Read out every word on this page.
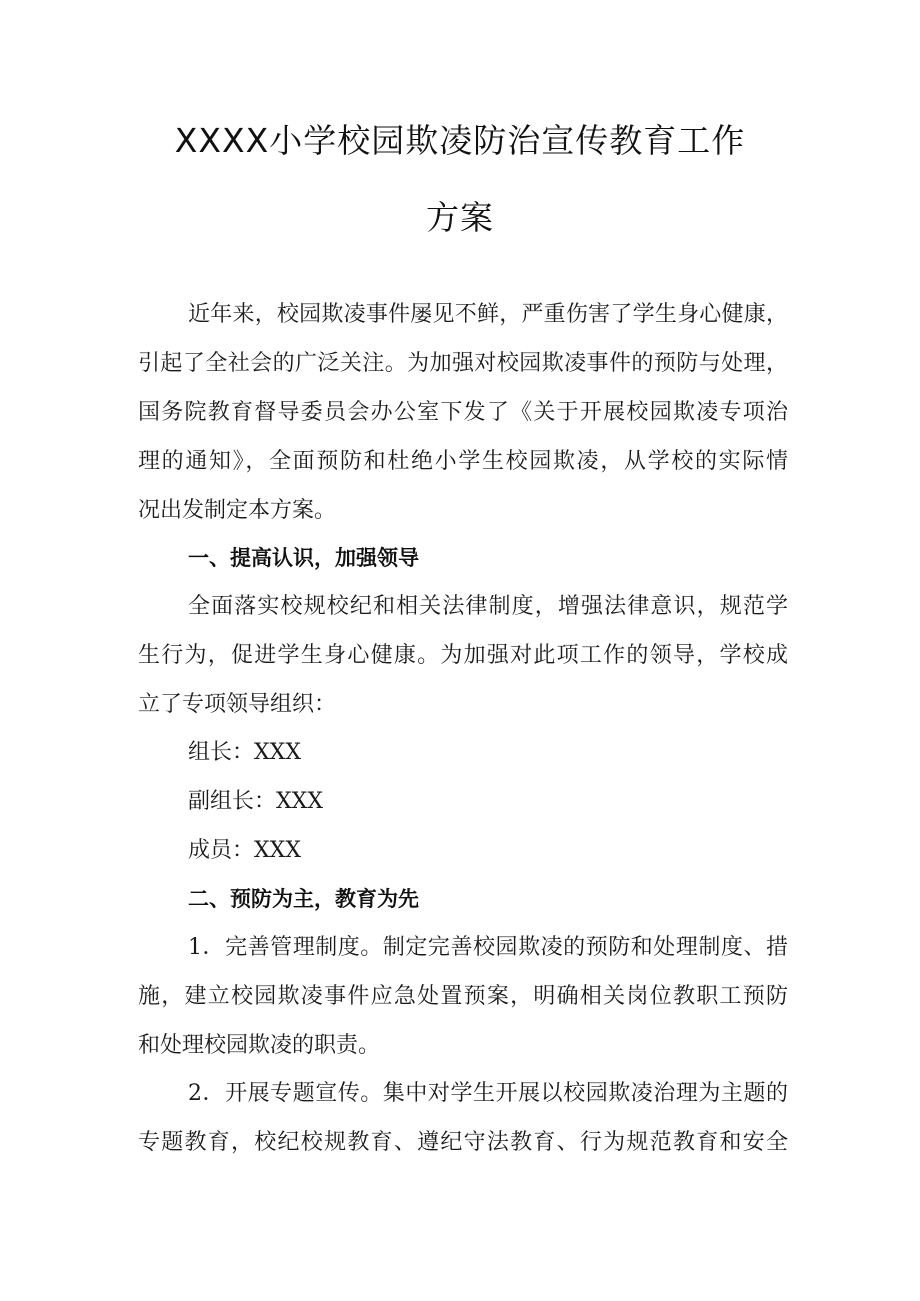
XXXX小学校园欺凌防治宣传教育工作
方案
近年来，校园欺凌事件屡见不鲜，严重伤害了学生身心健康，
引起了全社会的广泛关注。为加强对校园欺凌事件的预防与处理，
国务院教育督导委员会办公室下发了《关于开展校园欺凌专项治
理的通知》，全面预防和杜绝小学生校园欺凌，从学校的实际情
况出发制定本方案。
一、提高认识，加强领导
全面落实校规校纪和相关法律制度，增强法律意识，规范学
生行为，促进学生身心健康。为加强对此项工作的领导，学校成
立了专项领导组织：
组长：XXX
副组长：XXX
成员：XXX
二、预防为主，教育为先
1．完善管理制度。制定完善校园欺凌的预防和处理制度、措
施，建立校园欺凌事件应急处置预案，明确相关岗位教职工预防
和处理校园欺凌的职责。
2．开展专题宣传。集中对学生开展以校园欺凌治理为主题的
专题教育，校纪校规教育、遵纪守法教育、行为规范教育和安全
